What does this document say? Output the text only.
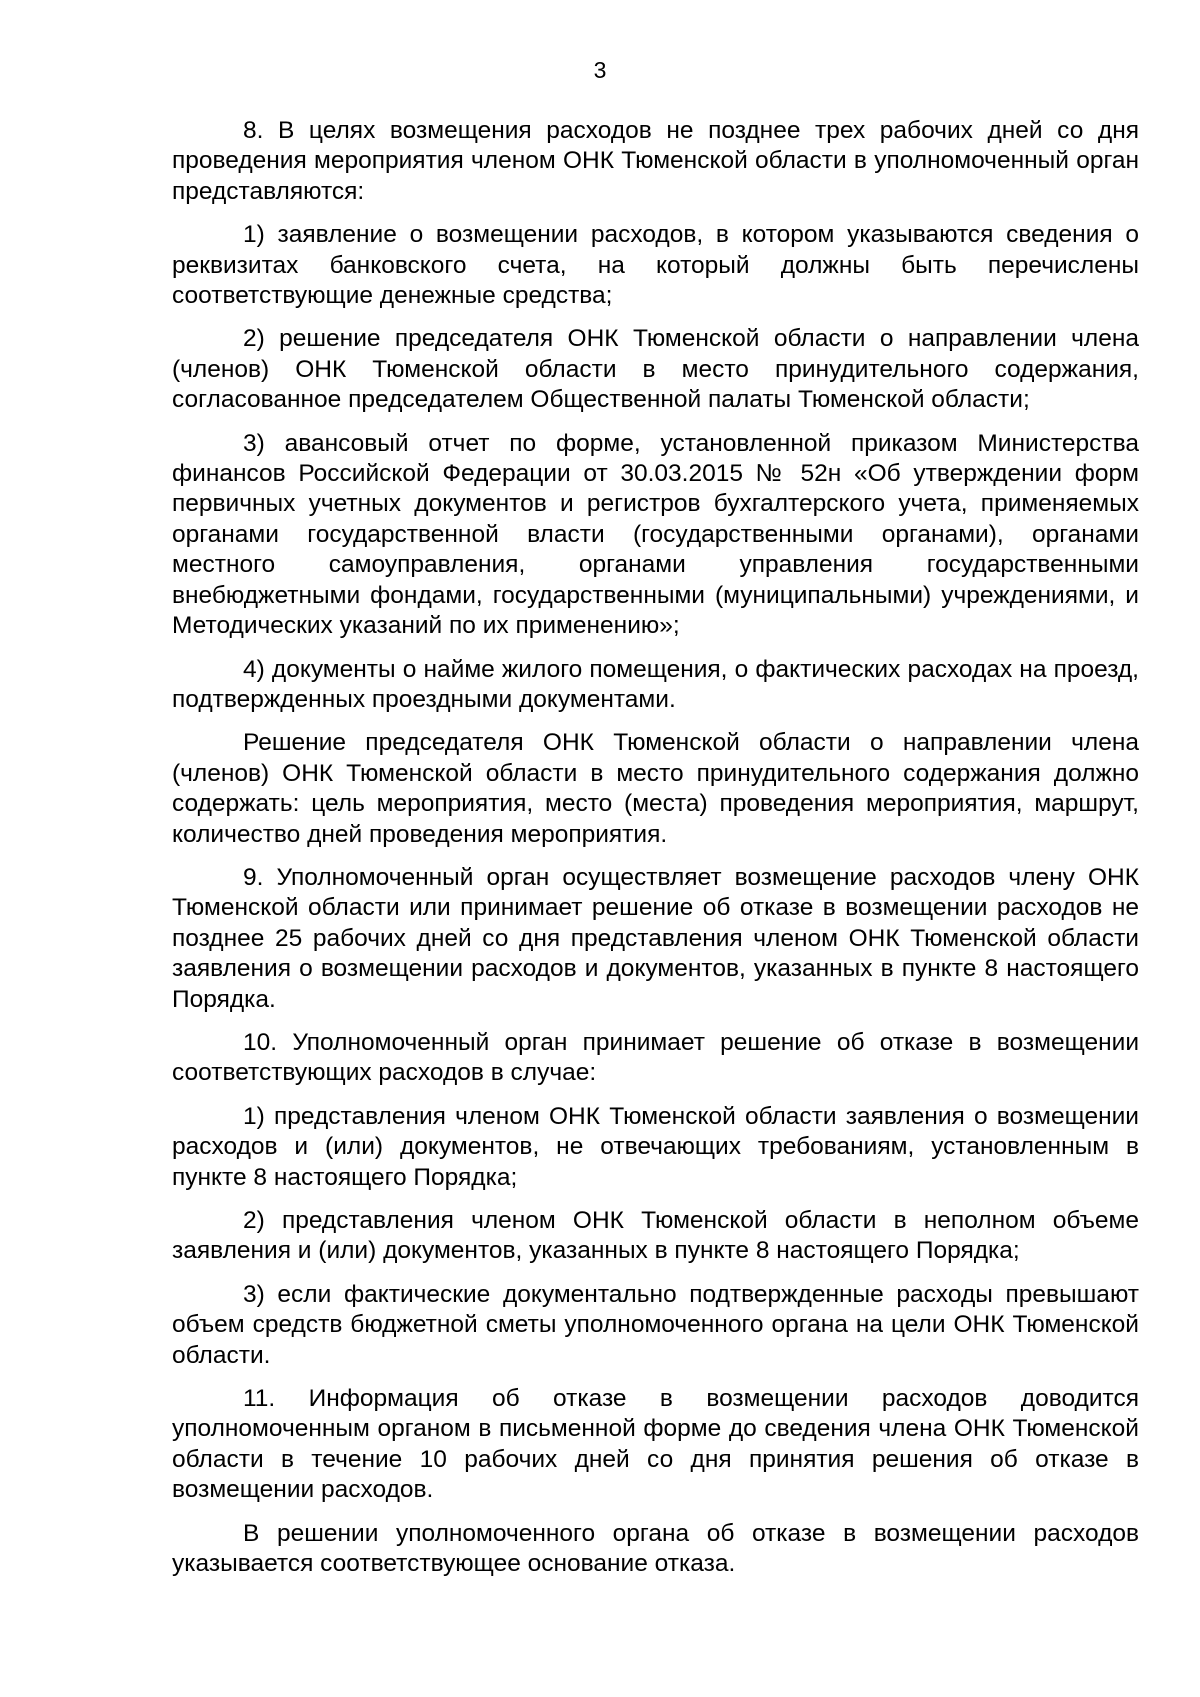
3

8. В целях возмещения расходов не позднее трех рабочих дней со дня проведения мероприятия членом ОНК Тюменской области в уполномоченный орган представляются:

1) заявление о возмещении расходов, в котором указываются сведения о реквизитах банковского счета, на который должны быть перечислены соответствующие денежные средства;

2) решение председателя ОНК Тюменской области о направлении члена (членов) ОНК Тюменской области в место принудительного содержания, согласованное председателем Общественной палаты Тюменской области;

3) авансовый отчет по форме, установленной приказом Министерства финансов Российской Федерации от 30.03.2015 № 52н «Об утверждении форм первичных учетных документов и регистров бухгалтерского учета, применяемых органами государственной власти (государственными органами), органами местного самоуправления, органами управления государственными внебюджетными фондами, государственными (муниципальными) учреждениями, и Методических указаний по их применению»;

4) документы о найме жилого помещения, о фактических расходах на проезд, подтвержденных проездными документами.

Решение председателя ОНК Тюменской области о направлении члена (членов) ОНК Тюменской области в место принудительного содержания должно содержать: цель мероприятия, место (места) проведения мероприятия, маршрут, количество дней проведения мероприятия.

9. Уполномоченный орган осуществляет возмещение расходов члену ОНК Тюменской области или принимает решение об отказе в возмещении расходов не позднее 25 рабочих дней со дня представления членом ОНК Тюменской области заявления о возмещении расходов и документов, указанных в пункте 8 настоящего Порядка.

10. Уполномоченный орган принимает решение об отказе в возмещении соответствующих расходов в случае:

1) представления членом ОНК Тюменской области заявления о возмещении расходов и (или) документов, не отвечающих требованиям, установленным в пункте 8 настоящего Порядка;

2) представления членом ОНК Тюменской области в неполном объеме заявления и (или) документов, указанных в пункте 8 настоящего Порядка;

3) если фактические документально подтвержденные расходы превышают объем средств бюджетной сметы уполномоченного органа на цели ОНК Тюменской области.

11. Информация об отказе в возмещении расходов доводится уполномоченным органом в письменной форме до сведения члена ОНК Тюменской области в течение 10 рабочих дней со дня принятия решения об отказе в возмещении расходов.

В решении уполномоченного органа об отказе в возмещении расходов указывается соответствующее основание отказа.
